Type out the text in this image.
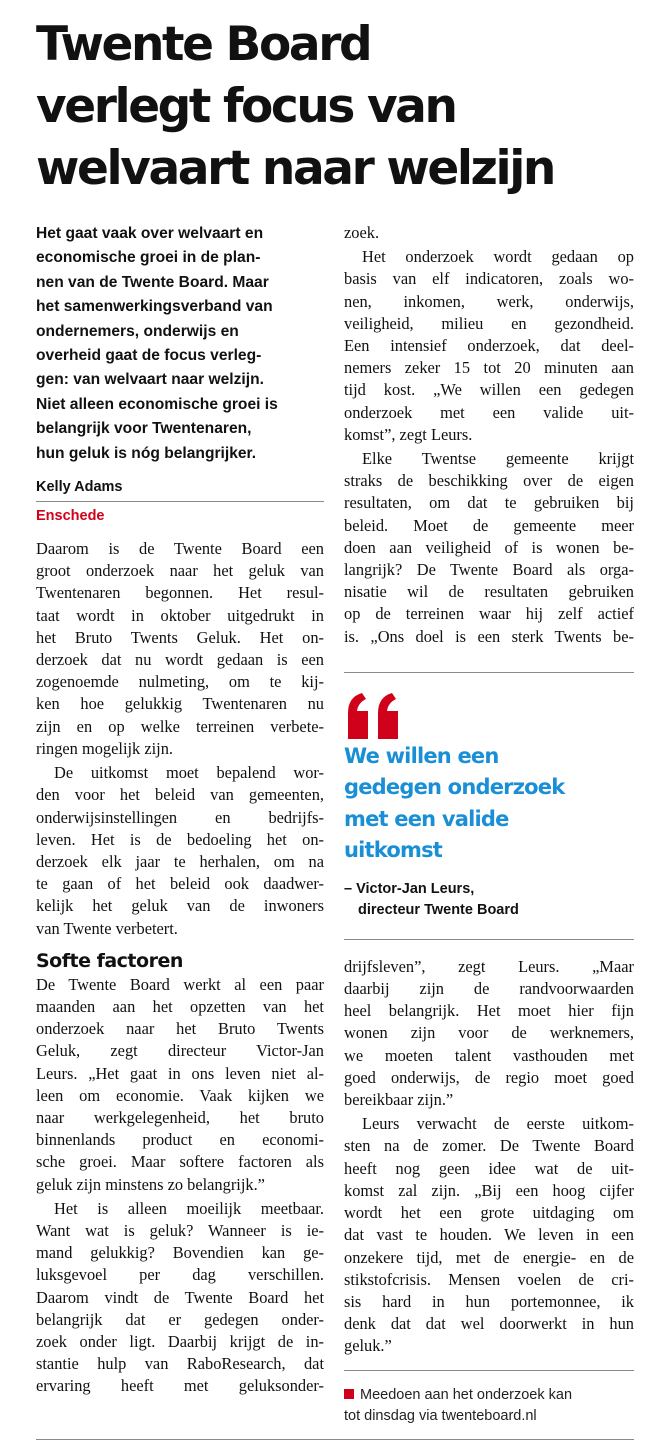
Twente Board
verlegt focus van
welvaart naar welzijn

Het gaat vaak over welvaart en
economische groei in de plan-
nen van de Twente Board. Maar
het samenwerkingsverband van
ondernemers, onderwijs en
overheid gaat de focus verleg-
gen: van welvaart naar welzijn.
Niet alleen economische groei is
belangrijk voor Twentenaren,
hun geluk is nóg belangrijker.

Kelly Adams
Enschede

Daarom is de Twente Board een
groot onderzoek naar het geluk van
Twentenaren begonnen. Het resul-
taat wordt in oktober uitgedrukt in
het Bruto Twents Geluk. Het on-
derzoek dat nu wordt gedaan is een
zogenoemde nulmeting, om te kij-
ken hoe gelukkig Twentenaren nu
zijn en op welke terreinen verbete-
ringen mogelijk zijn.

De uitkomst moet bepalend wor-
den voor het beleid van gemeenten,
onderwijsinstellingen en bedrijfs-
leven. Het is de bedoeling het on-
derzoek elk jaar te herhalen, om na
te gaan of het beleid ook daadwer-
kelijk het geluk van de inwoners
van Twente verbetert.

Softe factoren

De Twente Board werkt al een paar
maanden aan het opzetten van het
onderzoek naar het Bruto Twents
Geluk, zegt directeur Victor-Jan
Leurs. „Het gaat in ons leven niet al-
leen om economie. Vaak kijken we
naar werkgelegenheid, het bruto
binnenlands product en economi-
sche groei. Maar softere factoren als
geluk zijn minstens zo belangrijk.”

Het is alleen moeilijk meetbaar.
Want wat is geluk? Wanneer is ie-
mand gelukkig? Bovendien kan ge-
luksgevoel per dag verschillen.
Daarom vindt de Twente Board het
belangrijk dat er gedegen onder-
zoek onder ligt. Daarbij krijgt de in-
stantie hulp van RaboResearch, dat
ervaring heeft met geluksonder-

zoek.

Het onderzoek wordt gedaan op
basis van elf indicatoren, zoals wo-
nen, inkomen, werk, onderwijs,
veiligheid, milieu en gezondheid.
Een intensief onderzoek, dat deel-
nemers zeker 15 tot 20 minuten aan
tijd kost. „We willen een gedegen
onderzoek met een valide uit-
komst”, zegt Leurs.

Elke Twentse gemeente krijgt
straks de beschikking over de eigen
resultaten, om dat te gebruiken bij
beleid. Moet de gemeente meer
doen aan veiligheid of is wonen be-
langrijk? De Twente Board als orga-
nisatie wil de resultaten gebruiken
op de terreinen waar hij zelf actief
is. „Ons doel is een sterk Twents be-

We willen een
gedegen onderzoek
met een valide
uitkomst

– Victor-Jan Leurs,
directeur Twente Board

drijfsleven”, zegt Leurs. „Maar
daarbij zijn de randvoorwaarden
heel belangrijk. Het moet hier fijn
wonen zijn voor de werknemers,
we moeten talent vasthouden met
goed onderwijs, de regio moet goed
bereikbaar zijn.”

Leurs verwacht de eerste uitkom-
sten na de zomer. De Twente Board
heeft nog geen idee wat de uit-
komst zal zijn. „Bij een hoog cijfer
wordt het een grote uitdaging om
dat vast te houden. We leven in een
onzekere tijd, met de energie- en de
stikstofcrisis. Mensen voelen de cri-
sis hard in hun portemonnee, ik
denk dat dat wel doorwerkt in hun
geluk.”

Meedoen aan het onderzoek kan
tot dinsdag via twenteboard.nl
